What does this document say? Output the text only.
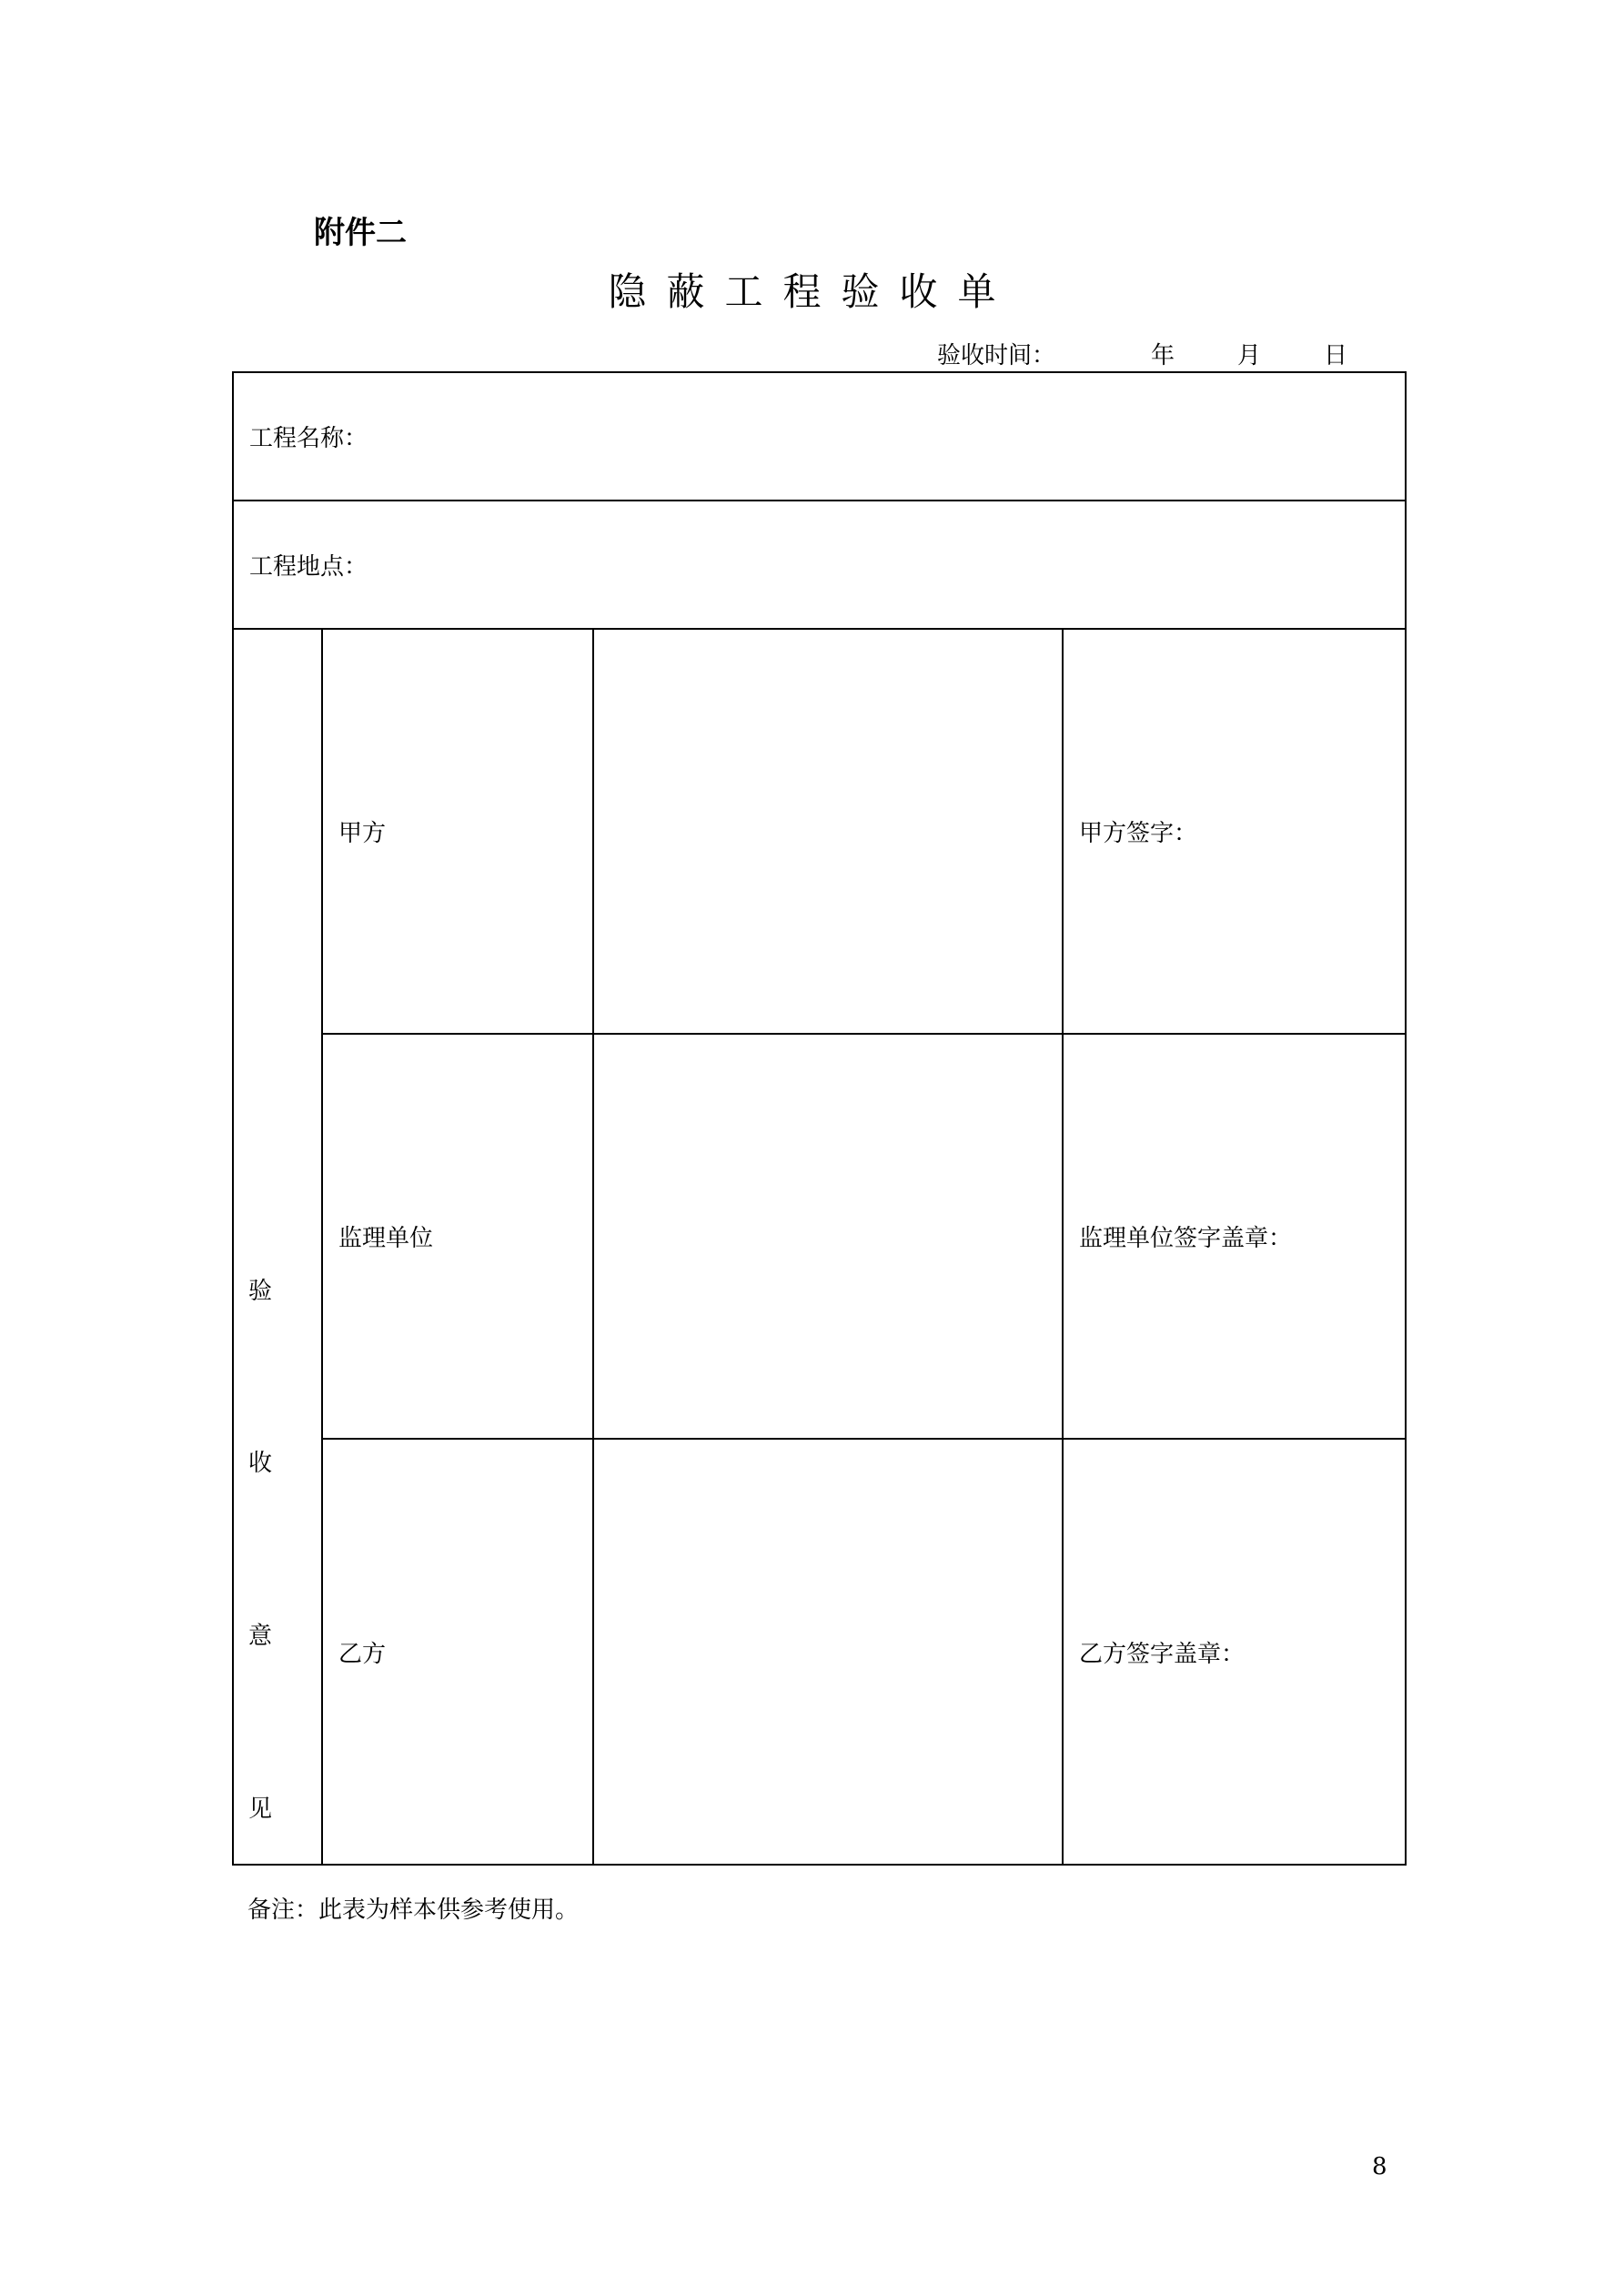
附件二
隐蔽工程验收单
验收时间：	年	月	日
工程名称：			
工程地点：			

验
收
意
见	甲方		甲方签字：
	监理单位		监理单位签字盖章：
	乙方		乙方签字盖章：
备注：此表为样本供参考使用。
8
